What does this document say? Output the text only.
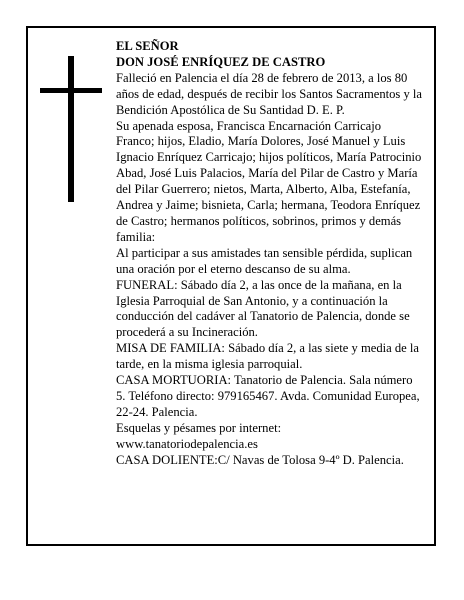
EL SEÑOR

DON JOSÉ ENRÍQUEZ DE CASTRO

Falleció en Palencia el día 28 de febrero de 2013, a los 80 años de edad, después de recibir los Santos Sacramentos y la Bendición Apostólica de Su Santidad D. E. P.

Su apenada esposa, Francisca Encarnación Carricajo Franco; hijos, Eladio, María Dolores, José Manuel y Luis Ignacio Enríquez Carricajo; hijos políticos, María Patrocinio Abad, José Luis Palacios, María del Pilar de Castro y María del Pilar Guerrero; nietos, Marta, Alberto, Alba, Estefanía, Andrea y Jaime; bisnieta, Carla; hermana, Teodora Enríquez de Castro; hermanos políticos, sobrinos, primos y demás familia:

Al participar a sus amistades tan sensible pérdida, suplican una oración por el eterno descanso de su alma.

FUNERAL: Sábado día 2, a las once de la mañana, en la Iglesia Parroquial de San Antonio, y a continuación la conducción del cadáver al Tanatorio de Palencia, donde se procederá a su Incineración.

MISA DE FAMILIA: Sábado día 2, a las siete y media de la tarde, en la misma iglesia parroquial.

CASA MORTUORIA: Tanatorio de Palencia. Sala número 5. Teléfono directo: 979165467. Avda. Comunidad Europea, 22-24. Palencia.

Esquelas y pésames por internet: www.tanatoriodepalencia.es

CASA DOLIENTE:C/ Navas de Tolosa 9-4º D. Palencia.
